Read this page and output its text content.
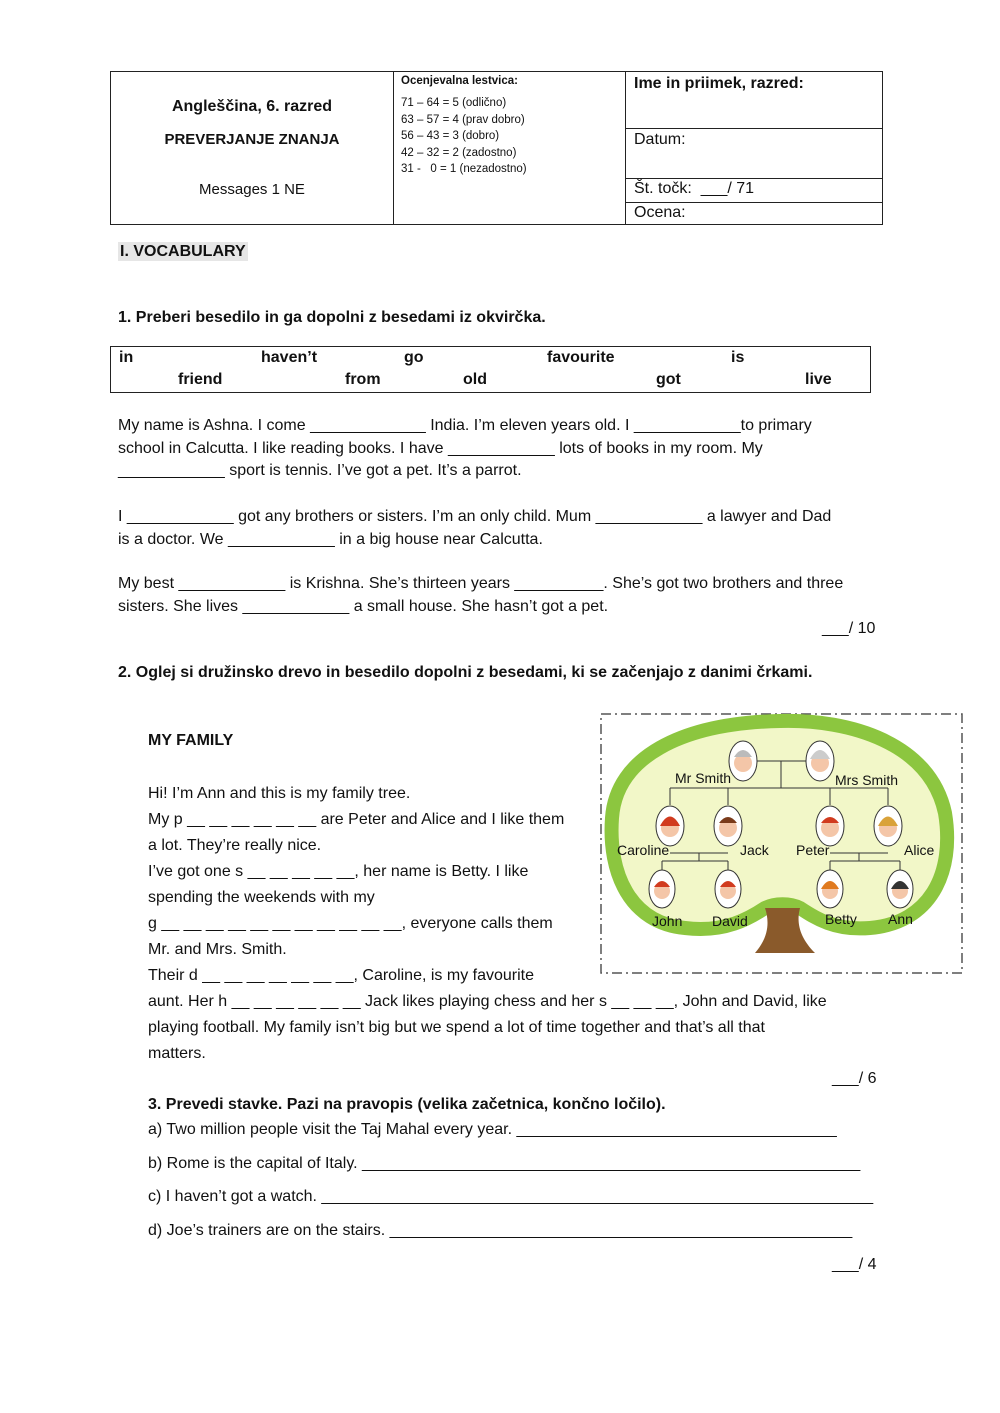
Angleščina, 6. razred
PREVERJANJE ZNANJA
Messages 1 NE
Ocenjevalna lestvica:
71 – 64 = 5 (odlično)
63 – 57 = 4 (prav dobro)
56 – 43 = 3 (dobro)
42 – 32 = 2 (zadostno)
31 -   0 = 1 (nezadostno)
Ime in priimek, razred:
Datum:
Št. točk:  ___/ 71
Ocena:
I. VOCABULARY
1. Preberi besedilo in ga dopolni z besedami iz okvirčka.
in	haven’t	go	favourite	is
friend	from	old	got	live
My name is Ashna. I come _____________ India. I’m eleven years old. I ____________to primary
school in Calcutta. I like reading books. I have ____________ lots of books in my room. My
____________ sport is tennis. I’ve got a pet. It’s a parrot.
I ____________ got any brothers or sisters. I’m an only child. Mum ____________ a lawyer and Dad
is a doctor. We ____________ in a big house near Calcutta.
My best ____________ is Krishna. She’s thirteen years __________. She’s got two brothers and three
sisters. She lives ____________ a small house. She hasn’t got a pet.
___/ 10
2. Oglej si družinsko drevo in besedilo dopolni z besedami, ki se začenjajo z danimi črkami.
MY FAMILY
Hi! I’m Ann and this is my family tree.
My p __ __ __ __ __ __ are Peter and Alice and I like them
a lot. They’re really nice.
I’ve got one s __ __ __ __ __, her name is Betty. I like
spending the weekends with my
g __ __ __ __ __ __ __ __ __ __ __, everyone calls them
Mr. and Mrs. Smith.
Their d __ __ __ __ __ __ __, Caroline, is my favourite
aunt. Her h __ __ __ __ __ __ Jack likes playing chess and her s __ __ __, John and David, like
playing football. My family isn’t big but we spend a lot of time together and that’s all that
matters.
___/ 6
Mr Smith	Mrs Smith
Caroline	Jack Peter	Alice
John David	Betty Ann
3. Prevedi stavke. Pazi na pravopis (velika začetnica, končno ločilo).
a) Two million people visit the Taj Mahal every year. ____________________________________
b) Rome is the capital of Italy. ________________________________________________________
c) I haven’t got a watch. ______________________________________________________________
d) Joe’s trainers are on the stairs. ____________________________________________________
___/ 4
